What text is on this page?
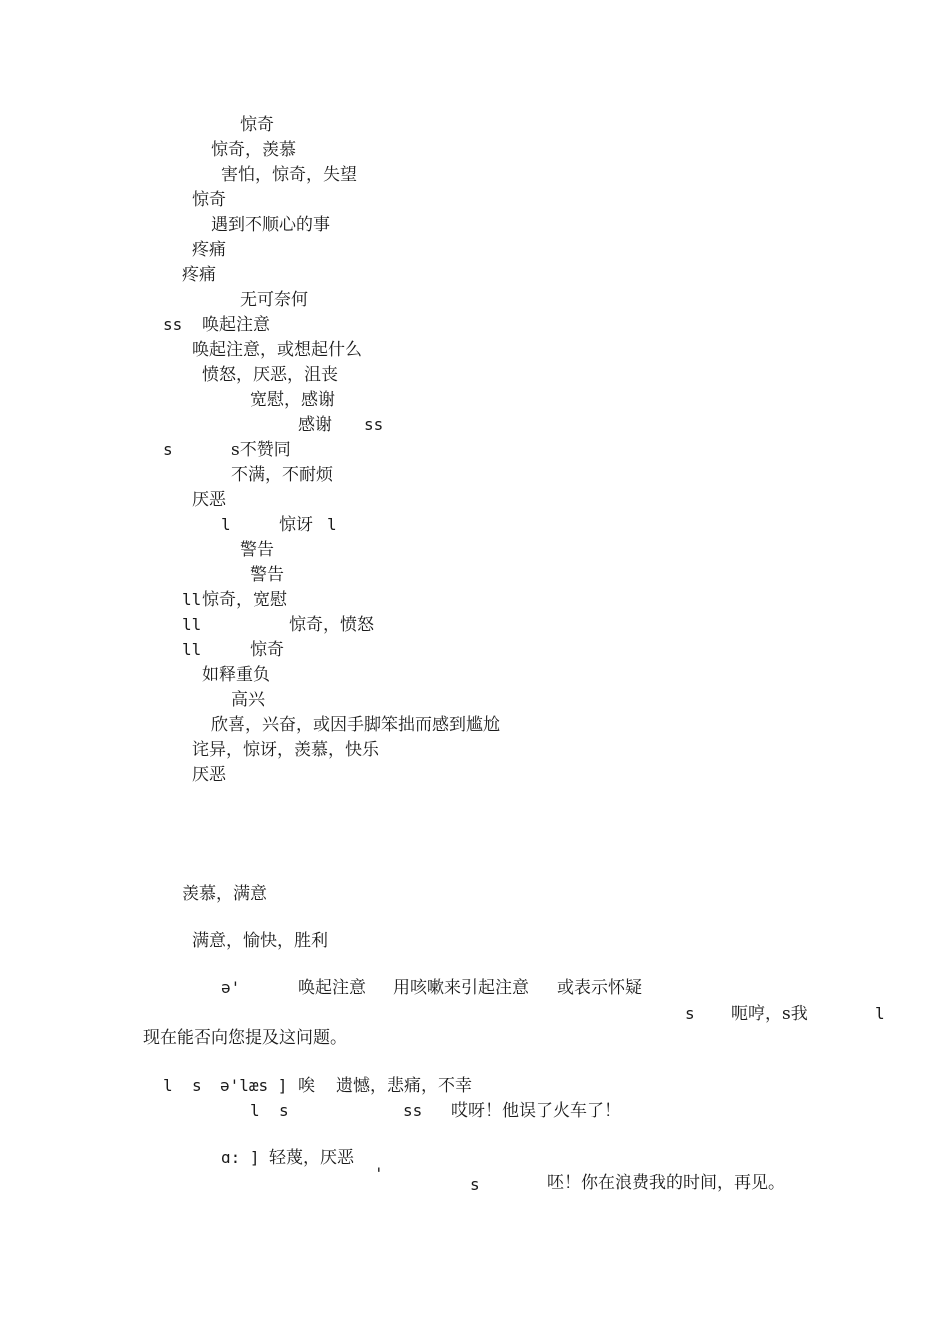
惊奇
惊奇，羡慕
害怕，惊奇，失望
惊奇
遇到不顺心的事
疼痛
疼痛
无可奈何
ss 唤起注意
唤起注意，或想起什么
愤怒，厌恶，沮丧
宽慰，感谢
感谢 ss
s	s不赞同
不满，不耐烦
厌恶
l	惊讶 l
警告
警告
ll 惊奇，宽慰
ll	惊奇，愤怒
ll	惊奇
如释重负
高兴
欣喜，兴奋，或因手脚笨拙而感到尴尬
诧异，惊讶，羡慕，快乐
厌恶
羡慕，满意
满意，愉快，胜利
ə'	唤起注意 用咳嗽来引起注意 或表示怀疑
s 呃哼，s我	l
现在能否向您提及这问题。
l s ə'læs ] 唉 遗憾，悲痛，不幸
l s	ss 哎呀！他误了火车了！
ɑ: ] 轻蔑，厌恶
'
s	呸！你在浪费我的时间，再见。
